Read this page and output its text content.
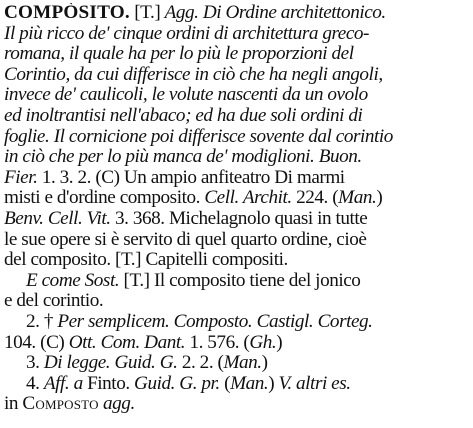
COMPÒSITO. [T.] Agg. Di Ordine architettonico.
Il più ricco de' cinque ordini di architettura greco-
romana, il quale ha per lo più le proporzioni del
Corintio, da cui differisce in ciò che ha negli angoli,
invece de' caulicoli, le volute nascenti da un ovolo
ed inoltrantisi nell'abaco; ed ha due soli ordini di
foglie. Il cornicione poi differisce sovente dal corintio
in ciò che per lo più manca de' modiglioni. Buon.
Fier. 1. 3. 2. (C) Un ampio anfiteatro Di marmi
misti e d'ordine composito. Cell. Archit. 224. (Man.)
Benv. Cell. Vit. 3. 368. Michelagnolo quasi in tutte
le sue opere si è servito di quel quarto ordine, cioè
del composito. [T.] Capitelli compositi.
E come Sost. [T.] Il composito tiene del jonico
e del corintio.
2. † Per semplicem. Composto. Castigl. Corteg.
104. (C) Ott. Com. Dant. 1. 576. (Gh.)
3. Di legge. Guid. G. 2. 2. (Man.)
4. Aff. a Finto. Guid. G. pr. (Man.) V. altri es.
in Composto agg.
